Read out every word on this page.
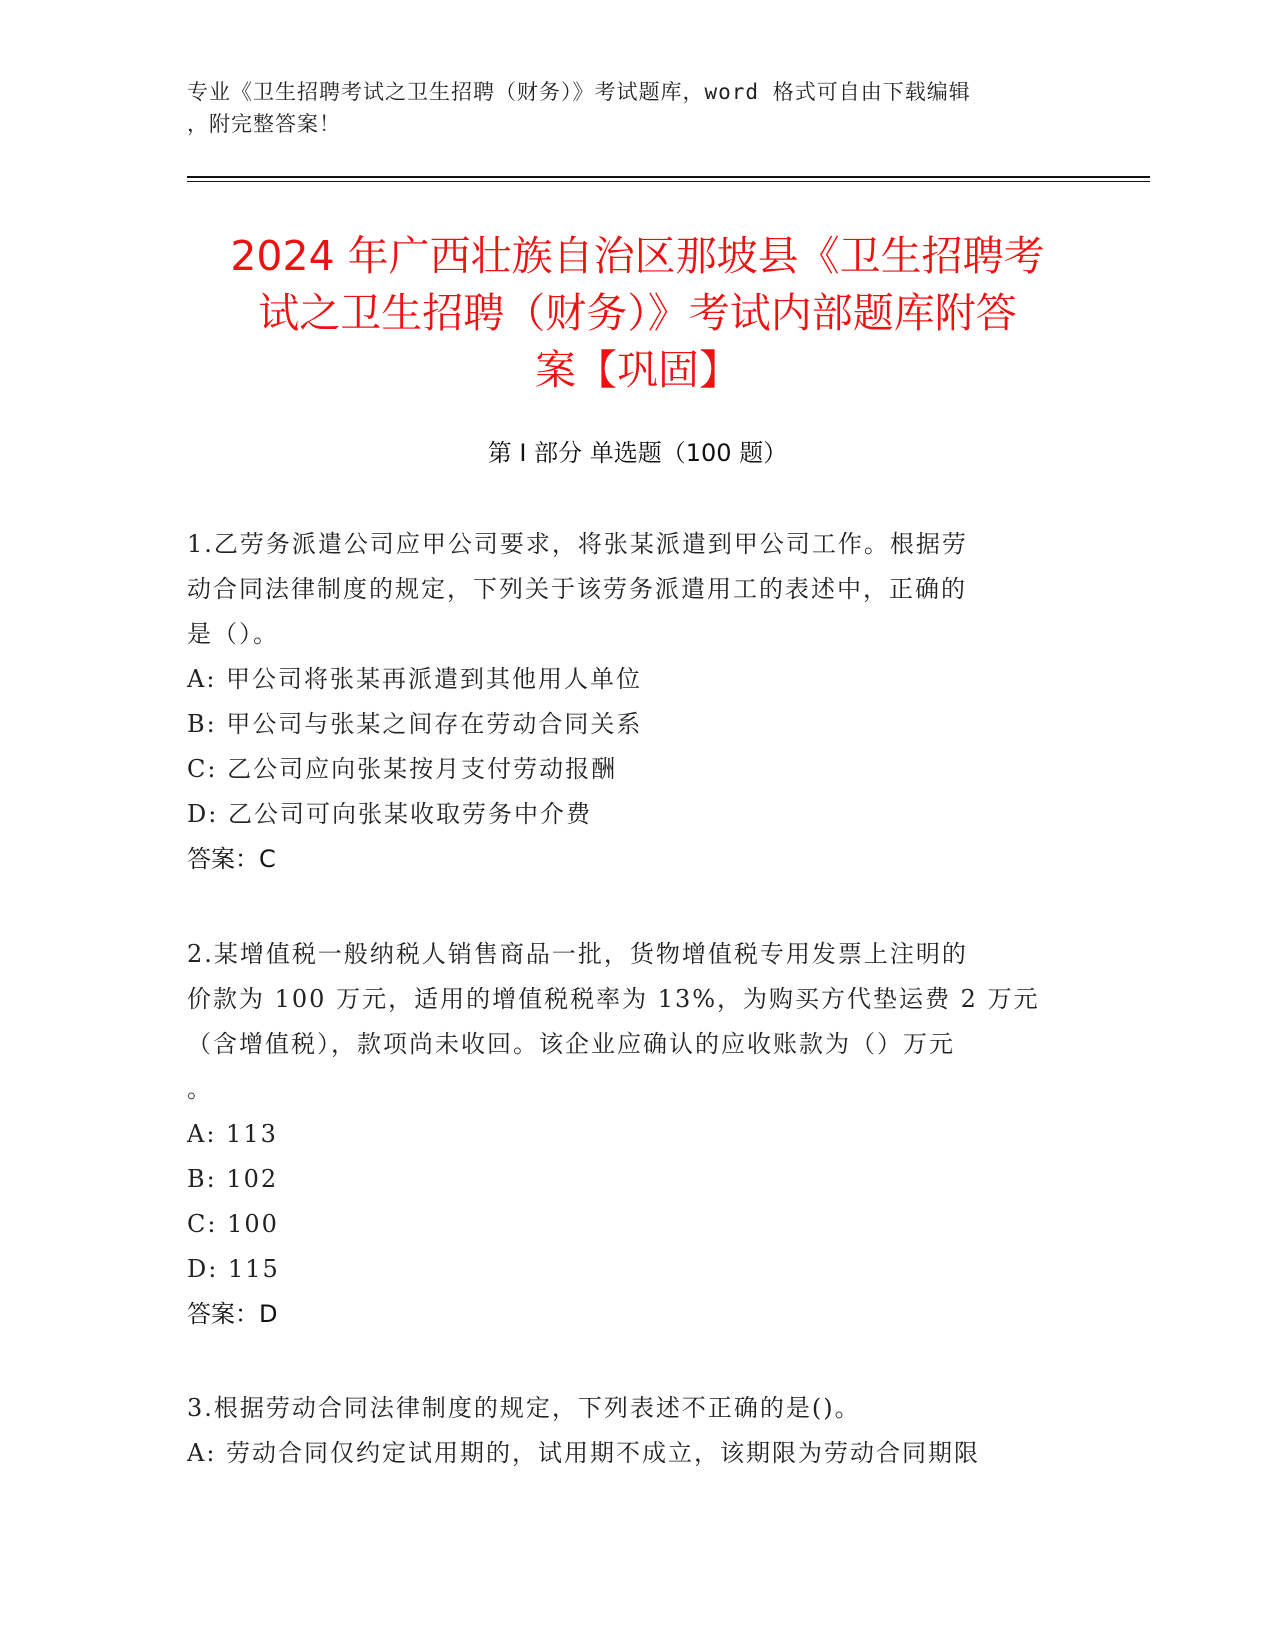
专业《卫生招聘考试之卫生招聘（财务）》考试题库，word 格式可自由下载编辑
，附完整答案！
2024 年广西壮族自治区那坡县《卫生招聘考
试之卫生招聘（财务）》考试内部题库附答
案【巩固】
第 I 部分 单选题（100 题）
1.乙劳务派遣公司应甲公司要求，将张某派遣到甲公司工作。根据劳
动合同法律制度的规定，下列关于该劳务派遣用工的表述中，正确的
是（）。
A: 甲公司将张某再派遣到其他用人单位
B: 甲公司与张某之间存在劳动合同关系
C: 乙公司应向张某按月支付劳动报酬
D: 乙公司可向张某收取劳务中介费
答案：C
2.某增值税一般纳税人销售商品一批，货物增值税专用发票上注明的
价款为 100 万元，适用的增值税税率为 13%，为购买方代垫运费 2 万元
（含增值税），款项尚未收回。该企业应确认的应收账款为（）万元
。
A: 113
B: 102
C: 100
D: 115
答案：D
3.根据劳动合同法律制度的规定，下列表述不正确的是()。
A: 劳动合同仅约定试用期的，试用期不成立，该期限为劳动合同期限
